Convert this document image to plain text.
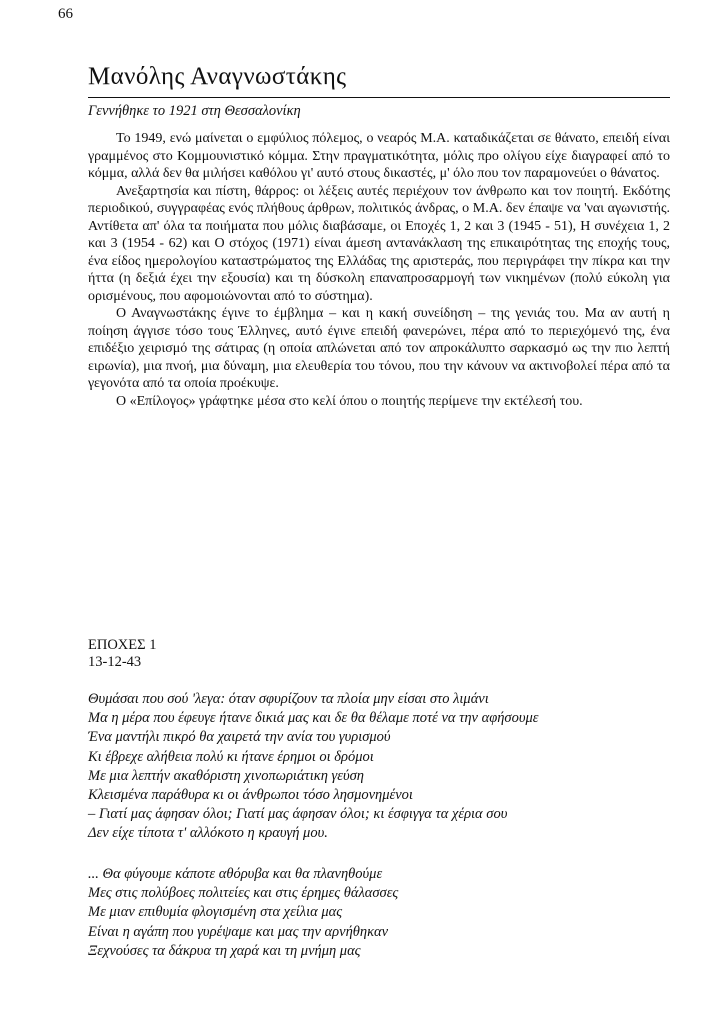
66
Μανόλης Αναγνωστάκης
Γεννήθηκε το 1921 στη Θεσσαλονίκη

Το 1949, ενώ μαίνεται ο εμφύλιος πόλεμος, ο νεαρός Μ.Α. καταδικάζεται σε θάνατο, επειδή είναι γραμμένος στο Κομμουνιστικό κόμμα. Στην πραγματικότητα, μόλις προ ολίγου είχε διαγραφεί από το κόμμα, αλλά δεν θα μιλήσει καθόλου γι' αυτό στους δικαστές, μ' όλο που τον παραμονεύει ο θάνατος.

Ανεξαρτησία και πίστη, θάρρος: οι λέξεις αυτές περιέχουν τον άνθρωπο και τον ποιητή. Εκδότης περιοδικού, συγγραφέας ενός πλήθους άρθρων, πολιτικός άνδρας, ο Μ.Α. δεν έπαψε να 'ναι αγωνιστής. Αντίθετα απ' όλα τα ποιήματα που μόλις διαβάσαμε, οι Εποχές 1, 2 και 3 (1945 - 51), Η συνέχεια 1, 2 και 3 (1954 - 62) και Ο στόχος (1971) είναι άμεση αντανάκλαση της επικαιρότητας της εποχής τους, ένα είδος ημερολογίου καταστρώματος της Ελλάδας της αριστεράς, που περιγράφει την πίκρα και την ήττα (η δεξιά έχει την εξουσία) και τη δύσκολη επαναπροσαρμογή των νικημένων (πολύ εύκολη για ορισμένους, που αφομοιώνονται από το σύστημα).

Ο Αναγνωστάκης έγινε το έμβλημα – και η κακή συνείδηση – της γενιάς του. Μα αν αυτή η ποίηση άγγισε τόσο τους Έλληνες, αυτό έγινε επειδή φανερώνει, πέρα από το περιεχόμενό της, ένα επιδέξιο χειρισμό της σάτιρας (η οποία απλώνεται από τον απροκάλυπτο σαρκασμό ως την πιο λεπτή ειρωνία), μια πνοή, μια δύναμη, μια ελευθερία του τόνου, που την κάνουν να ακτινοβολεί πέρα από τα γεγονότα από τα οποία προέκυψε.

Ο «Επίλογος» γράφτηκε μέσα στο κελί όπου ο ποιητής περίμενε την εκτέλεσή του.

ΕΠΟΧΕΣ 1
13-12-43
Θυμάσαι που σού 'λεγα: όταν σφυρίζουν τα πλοία μην είσαι στο λιμάνι
Μα η μέρα που έφευγε ήτανε δικιά μας και δε θα θέλαμε ποτέ να την αφήσουμε
Ένα μαντήλι πικρό θα χαιρετά την ανία του γυρισμού
Κι έβρεχε αλήθεια πολύ κι ήτανε έρημοι οι δρόμοι
Με μια λεπτήν ακαθόριστη χινοπωριάτικη γεύση
Κλεισμένα παράθυρα κι οι άνθρωποι τόσο λησμονημένοι
– Γιατί μας άφησαν όλοι; Γιατί μας άφησαν όλοι; κι έσφιγγα τα χέρια σου
Δεν είχε τίποτα τ' αλλόκοτο η κραυγή μου.
... Θα φύγουμε κάποτε αθόρυβα και θα πλανηθούμε
Μες στις πολύβοες πολιτείες και στις έρημες θάλασσες
Με μιαν επιθυμία φλογισμένη στα χείλια μας
Είναι η αγάπη που γυρέψαμε και μας την αρνήθηκαν
Ξεχνούσες τα δάκρυα τη χαρά και τη μνήμη μας
